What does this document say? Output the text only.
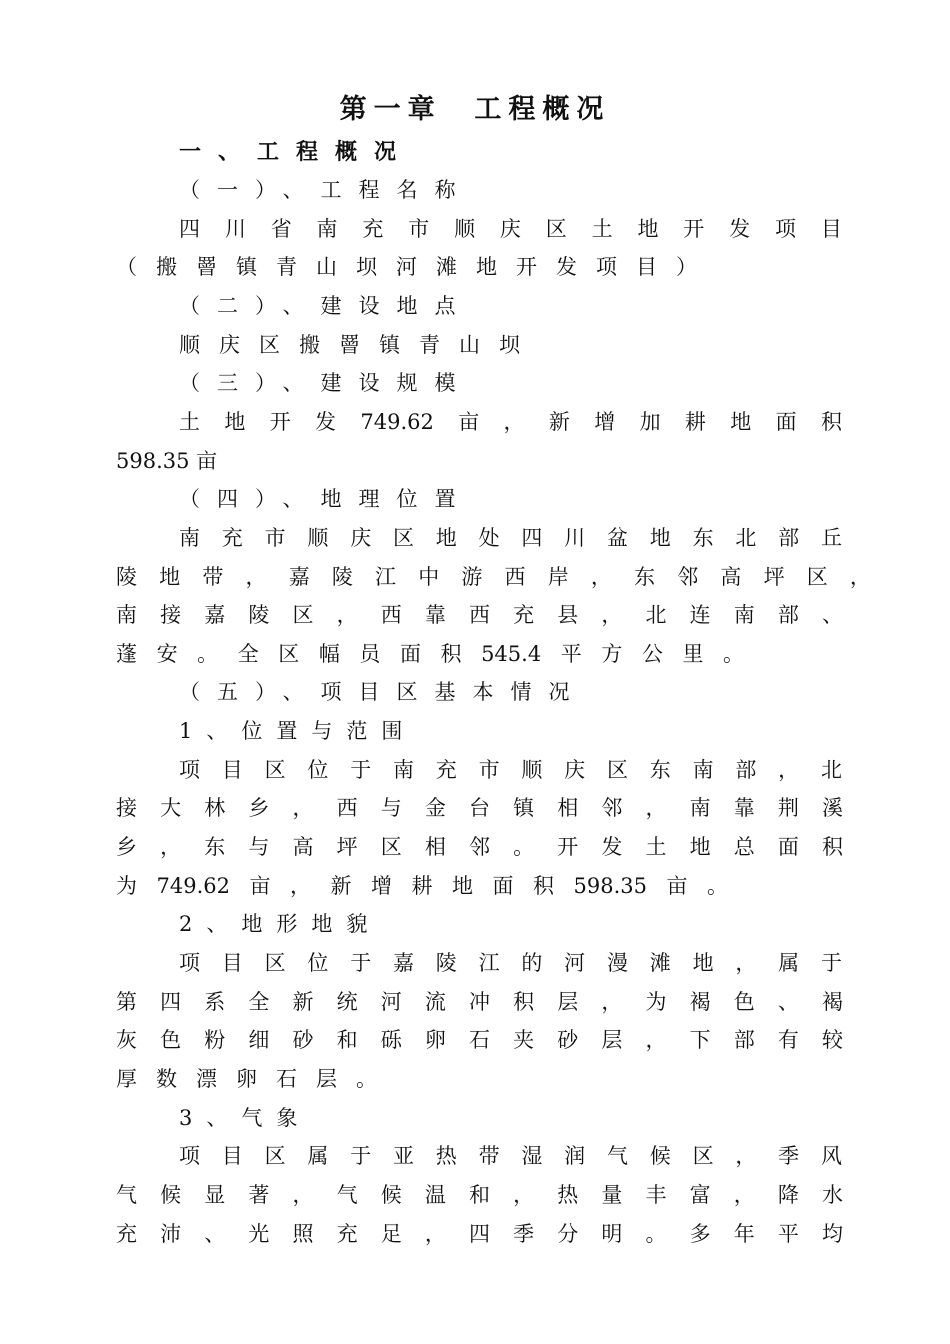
第一章  工程概况
一、工程概况
（一）、工程名称
四 川 省 南 充 市 顺 庆 区 土 地 开 发 项 目
（搬罾镇青山坝河滩地开发项目）
（二）、建设地点
顺庆区搬罾镇青山坝
（三）、建设规模
土 地 开 发 749.62 亩 ， 新 增 加 耕 地 面 积
598.35 亩
（四）、地理位置
南 充 市 顺 庆 区 地 处 四 川 盆 地 东 北 部 丘
陵 地 带 ， 嘉 陵 江 中 游 西 岸 ， 东 邻 高 坪 区 ，
南 接 嘉 陵 区 ， 西 靠 西 充 县 ， 北 连 南 部 、
蓬 安 。 全 区 幅 员 面 积 545.4 平 方 公 里 。
（五）、项目区基本情况
1、位置与范围
项 目 区 位 于 南 充 市 顺 庆 区 东 南 部 ， 北
接 大 林 乡 ， 西 与 金 台 镇 相 邻 ， 南 靠 荆 溪
乡 ， 东 与 高 坪 区 相 邻 。 开 发 土 地 总 面 积
为 749.62 亩 ， 新 增 耕 地 面 积 598.35 亩 。
2、地形地貌
项 目 区 位 于 嘉 陵 江 的 河 漫 滩 地 ， 属 于
第 四 系 全 新 统 河 流 冲 积 层 ， 为 褐 色 、 褐
灰 色 粉 细 砂 和 砾 卵 石 夹 砂 层 ， 下 部 有 较
厚数漂卵石层。
3、气象
项 目 区 属 于 亚 热 带 湿 润 气 候 区 ， 季 风
气 候 显 著 ， 气 候 温 和 ， 热 量 丰 富 ， 降 水
充 沛 、 光 照 充 足 ， 四 季 分 明 。 多 年 平 均
